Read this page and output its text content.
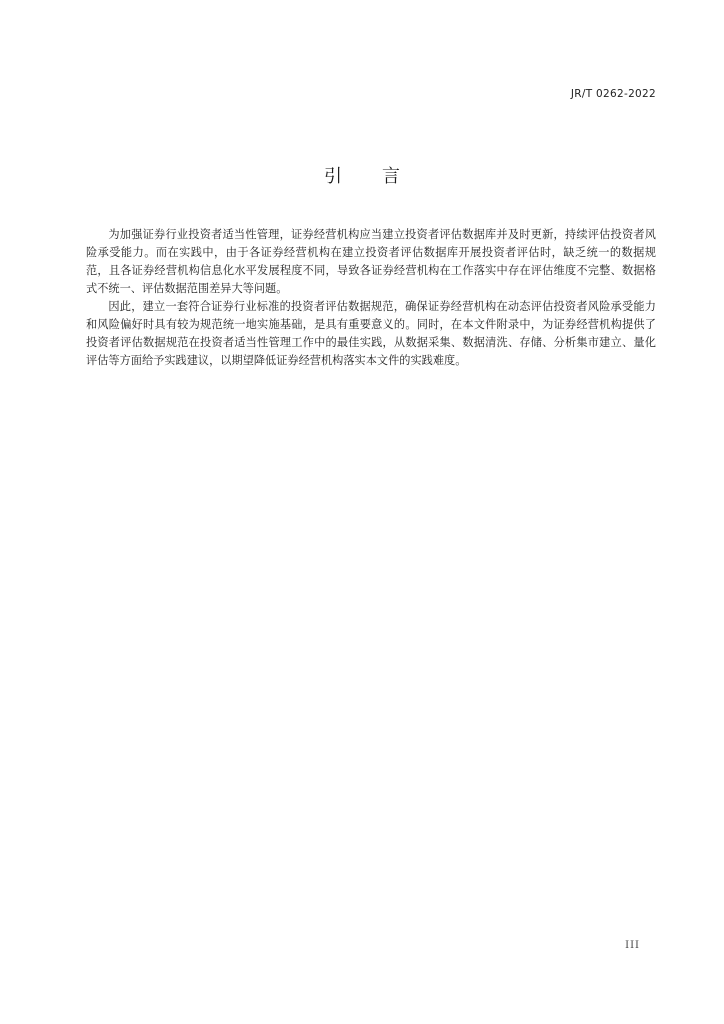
JR/T 0262-2022
引言

为加强证券行业投资者适当性管理，证券经营机构应当建立投资者评估数据库并及时更新，持续评估投资者风险承受能力。而在实践中，由于各证券经营机构在建立投资者评估数据库开展投资者评估时，缺乏统一的数据规范，且各证券经营机构信息化水平发展程度不同，导致各证券经营机构在工作落实中存在评估维度不完整、数据格式不统一、评估数据范围差异大等问题。

因此，建立一套符合证券行业标准的投资者评估数据规范，确保证券经营机构在动态评估投资者风险承受能力和风险偏好时具有较为规范统一地实施基础，是具有重要意义的。同时，在本文件附录中，为证券经营机构提供了投资者评估数据规范在投资者适当性管理工作中的最佳实践，从数据采集、数据清洗、存储、分析集市建立、量化评估等方面给予实践建议，以期望降低证券经营机构落实本文件的实践难度。

III
